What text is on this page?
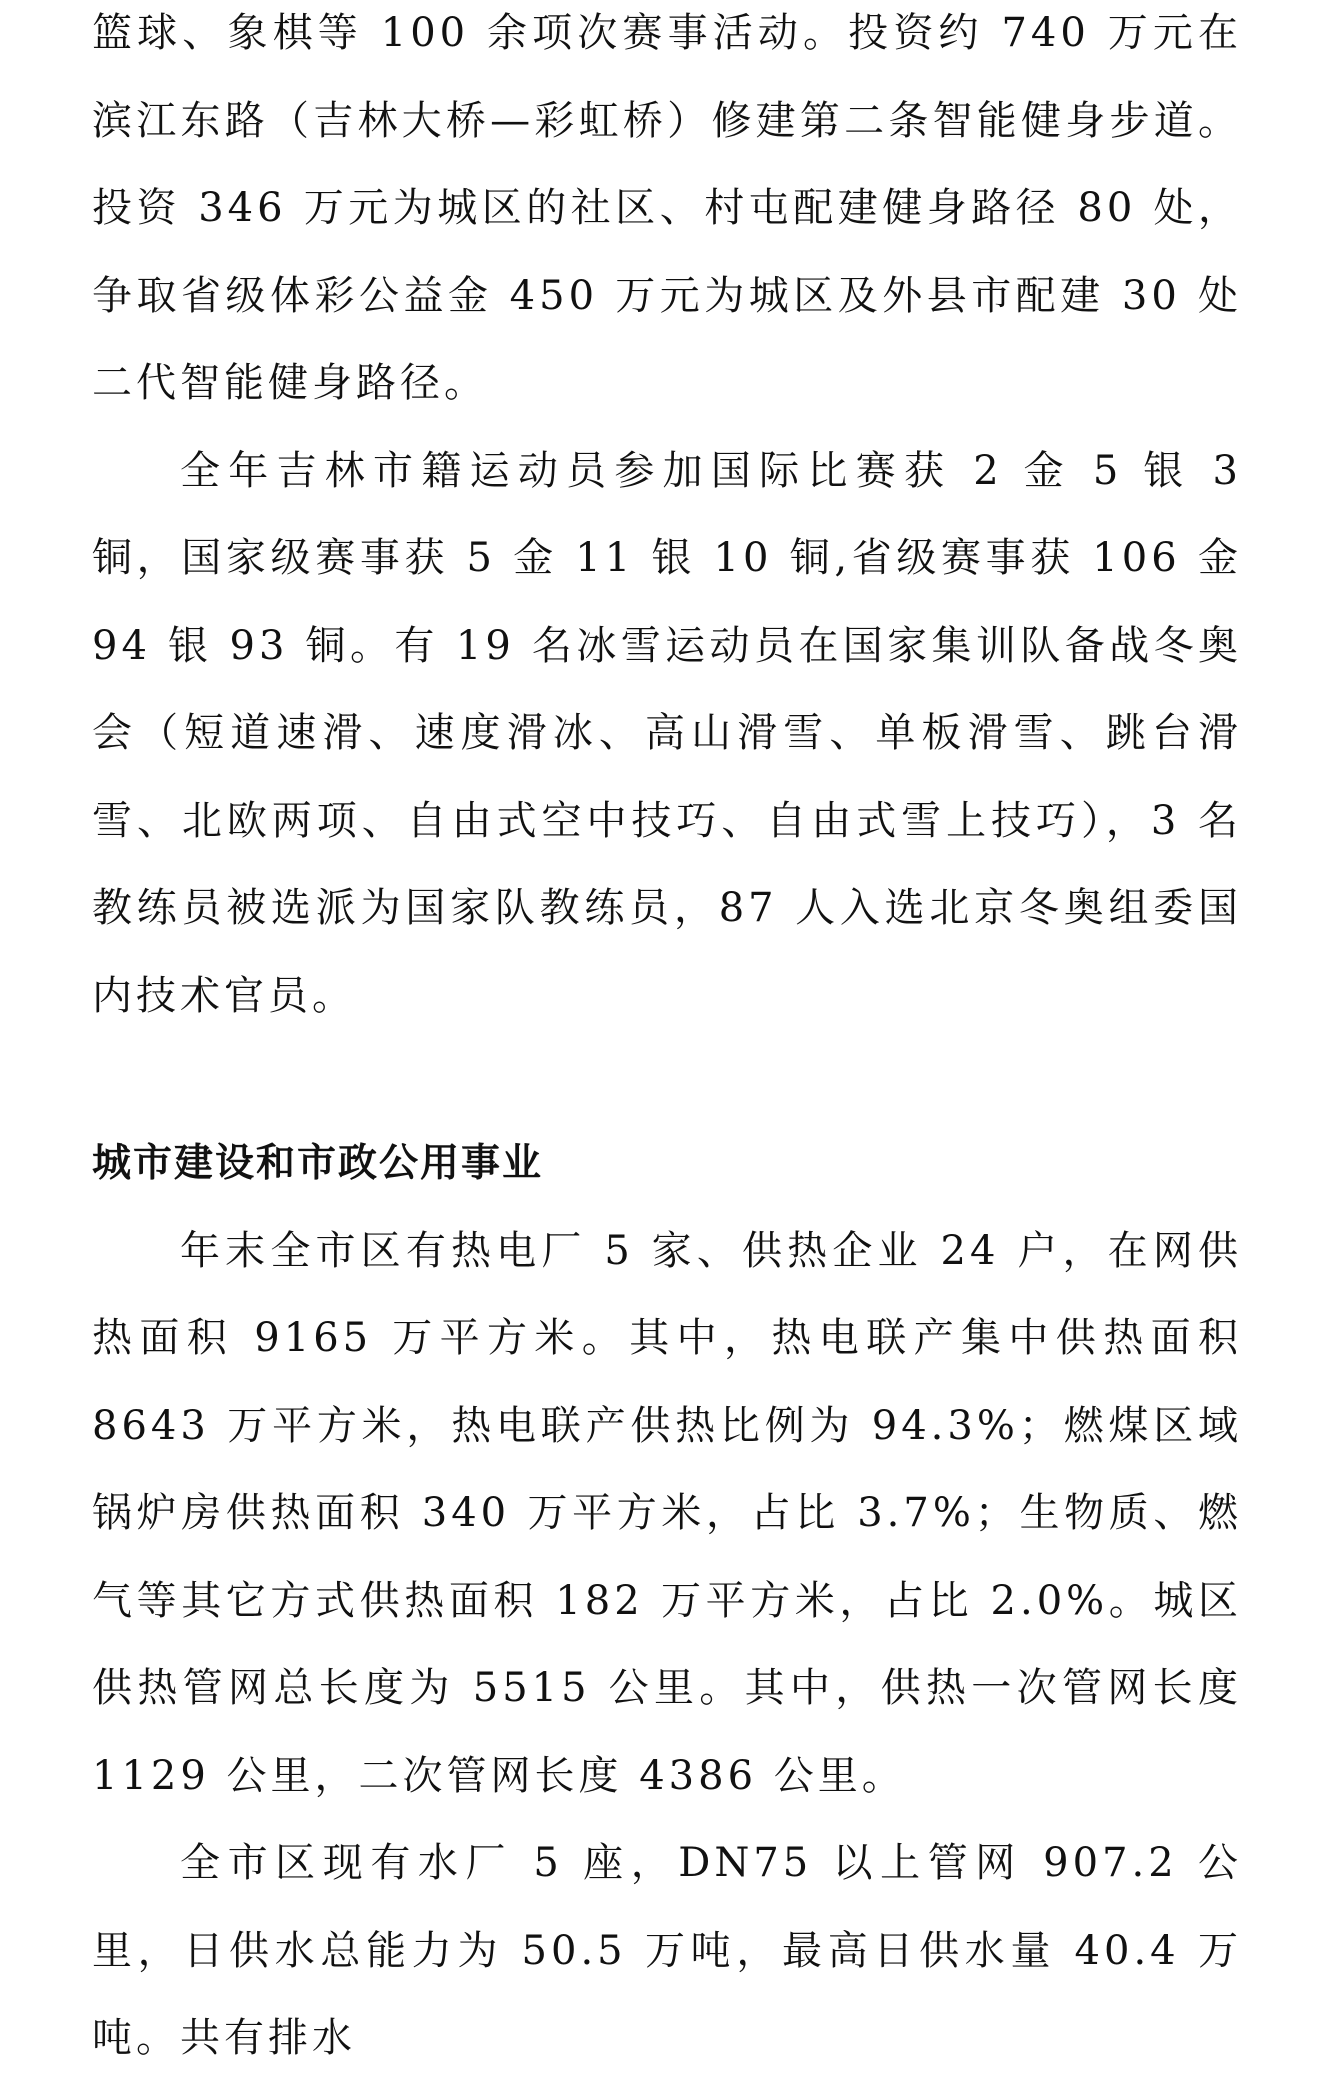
篮球、象棋等 100 余项次赛事活动。投资约 740 万元在滨江东路（吉林大桥—彩虹桥）修建第二条智能健身步道。投资 346 万元为城区的社区、村屯配建健身路径 80 处，争取省级体彩公益金 450 万元为城区及外县市配建 30 处二代智能健身路径。

全年吉林市籍运动员参加国际比赛获 2 金 5 银 3 铜，国家级赛事获 5 金 11 银 10 铜,省级赛事获 106 金 94 银 93 铜。有 19 名冰雪运动员在国家集训队备战冬奥会（短道速滑、速度滑冰、高山滑雪、单板滑雪、跳台滑雪、北欧两项、自由式空中技巧、自由式雪上技巧），3 名教练员被选派为国家队教练员，87 人入选北京冬奥组委国内技术官员。

城市建设和市政公用事业

年末全市区有热电厂 5 家、供热企业 24 户，在网供热面积 9165 万平方米。其中，热电联产集中供热面积 8643 万平方米，热电联产供热比例为 94.3%；燃煤区域锅炉房供热面积 340 万平方米，占比 3.7%；生物质、燃气等其它方式供热面积 182 万平方米，占比 2.0%。城区供热管网总长度为 5515 公里。其中，供热一次管网长度 1129 公里，二次管网长度 4386 公里。

全市区现有水厂 5 座，DN75 以上管网 907.2 公里，日供水总能力为 50.5 万吨，最高日供水量 40.4 万吨。共有排水
